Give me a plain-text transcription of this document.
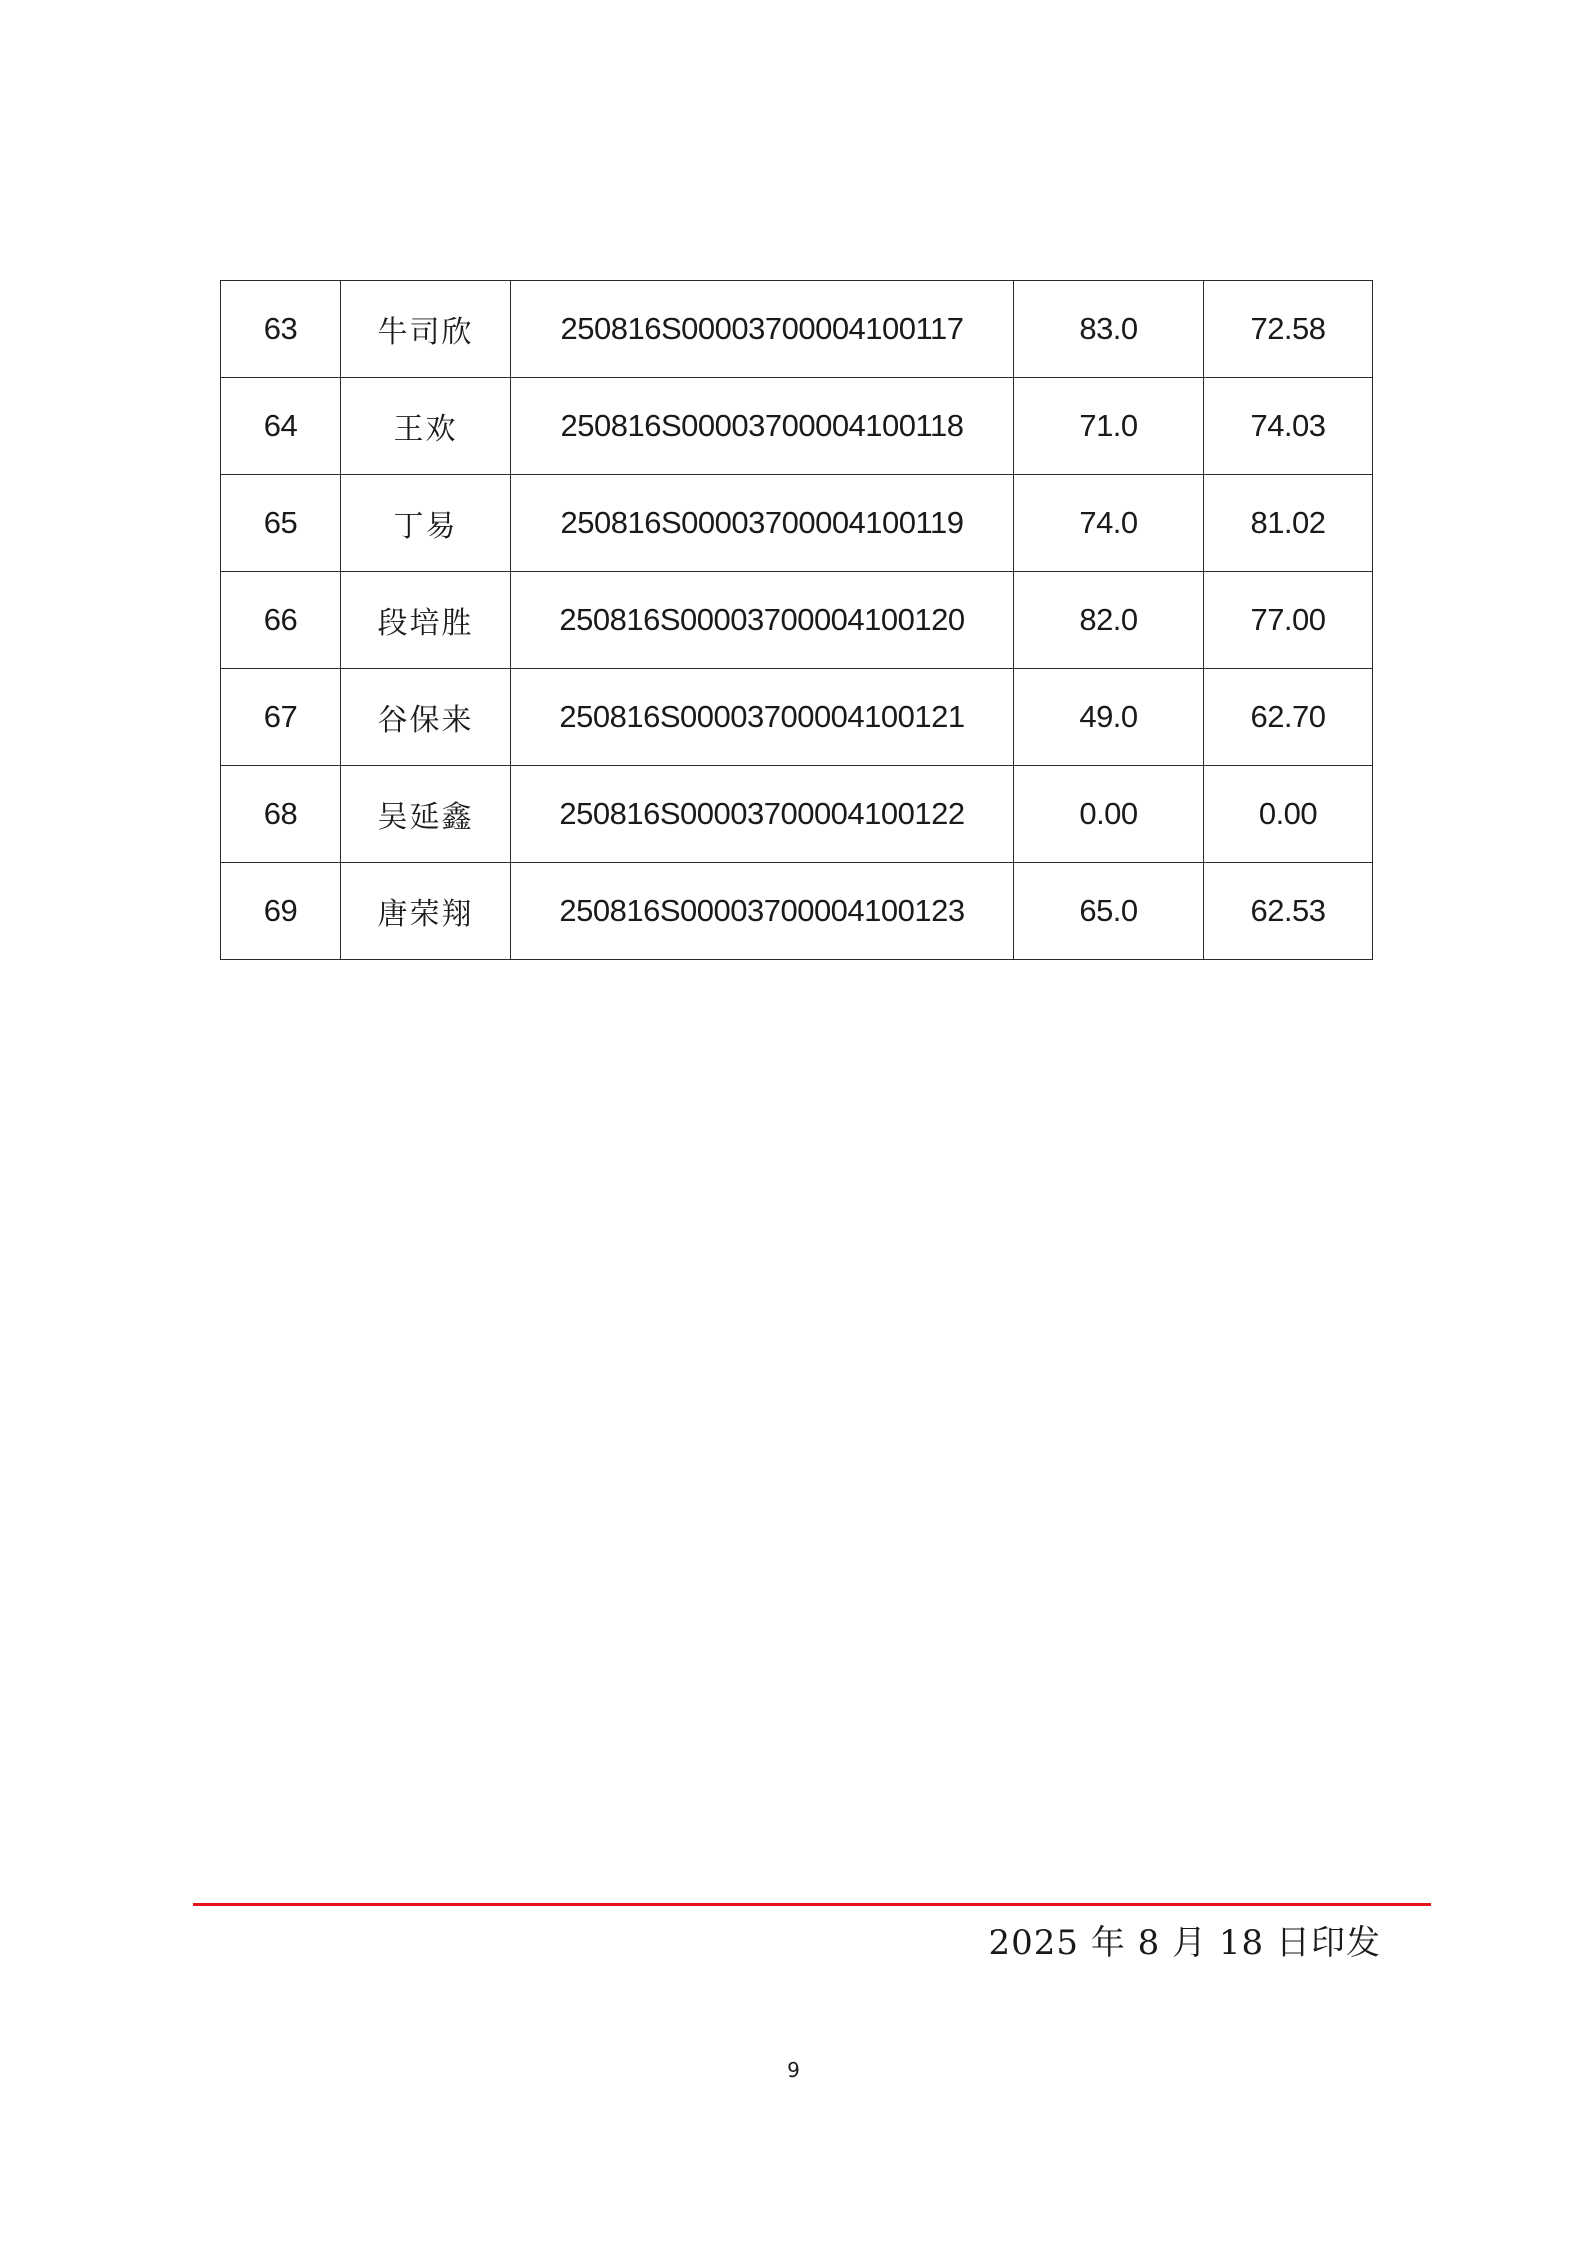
63	牛司欣	250816S00003700004100117	83.0	72.58
64	王欢	250816S00003700004100118	71.0	74.03
65	丁易	250816S00003700004100119	74.0	81.02
66	段培胜	250816S00003700004100120	82.0	77.00
67	谷保来	250816S00003700004100121	49.0	62.70
68	吴延鑫	250816S00003700004100122	0.00	0.00
69	唐荣翔	250816S00003700004100123	65.0	62.53
2025 年 8 月 18 日印发
9
